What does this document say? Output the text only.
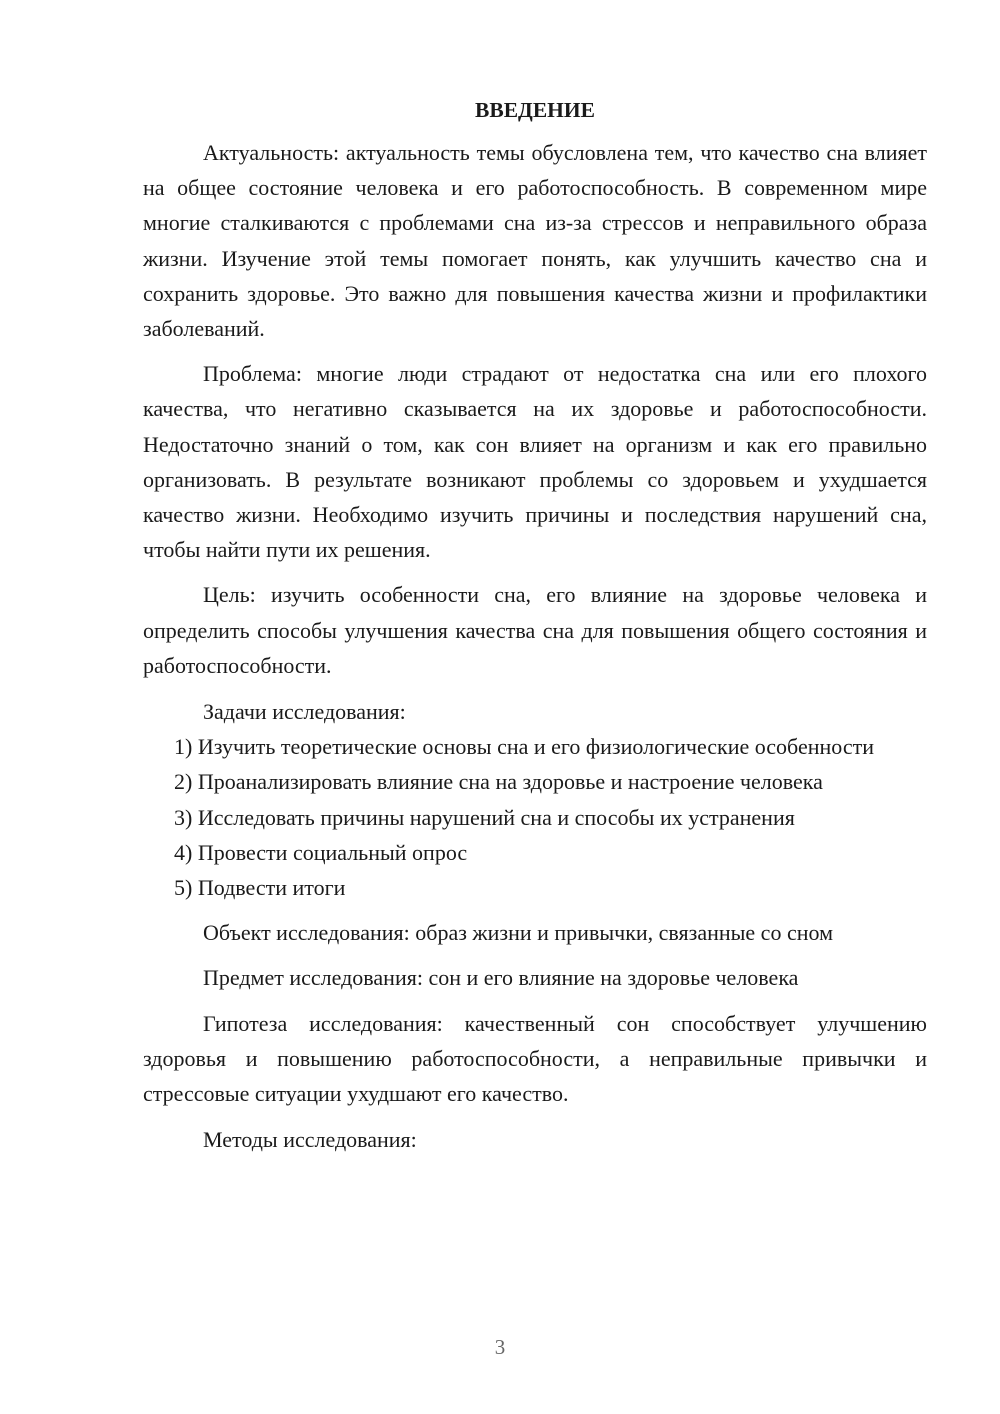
ВВЕДЕНИЕ

Актуальность: актуальность темы обусловлена тем, что качество сна влияет на общее состояние человека и его работоспособность. В современном мире многие сталкиваются с проблемами сна из-за стрессов и неправильного образа жизни. Изучение этой темы помогает понять, как улучшить качество сна и сохранить здоровье. Это важно для повышения качества жизни и профилактики заболеваний.

Проблема: многие люди страдают от недостатка сна или его плохого качества, что негативно сказывается на их здоровье и работоспособности. Недостаточно знаний о том, как сон влияет на организм и как его правильно организовать. В результате возникают проблемы со здоровьем и ухудшается качество жизни. Необходимо изучить причины и последствия нарушений сна, чтобы найти пути их решения.

Цель: изучить особенности сна, его влияние на здоровье человека и определить способы улучшения качества сна для повышения общего состояния и работоспособности.

Задачи исследования:

1) Изучить теоретические основы сна и его физиологические особенности

2) Проанализировать влияние сна на здоровье и настроение человека

3) Исследовать причины нарушений сна и способы их устранения

4) Провести социальный опрос

5) Подвести итоги

Объект исследования: образ жизни и привычки, связанные со сном

Предмет исследования: сон и его влияние на здоровье человека

Гипотеза исследования: качественный сон способствует улучшению здоровья и повышению работоспособности, а неправильные привычки и стрессовые ситуации ухудшают его качество.

Методы исследования:

3
